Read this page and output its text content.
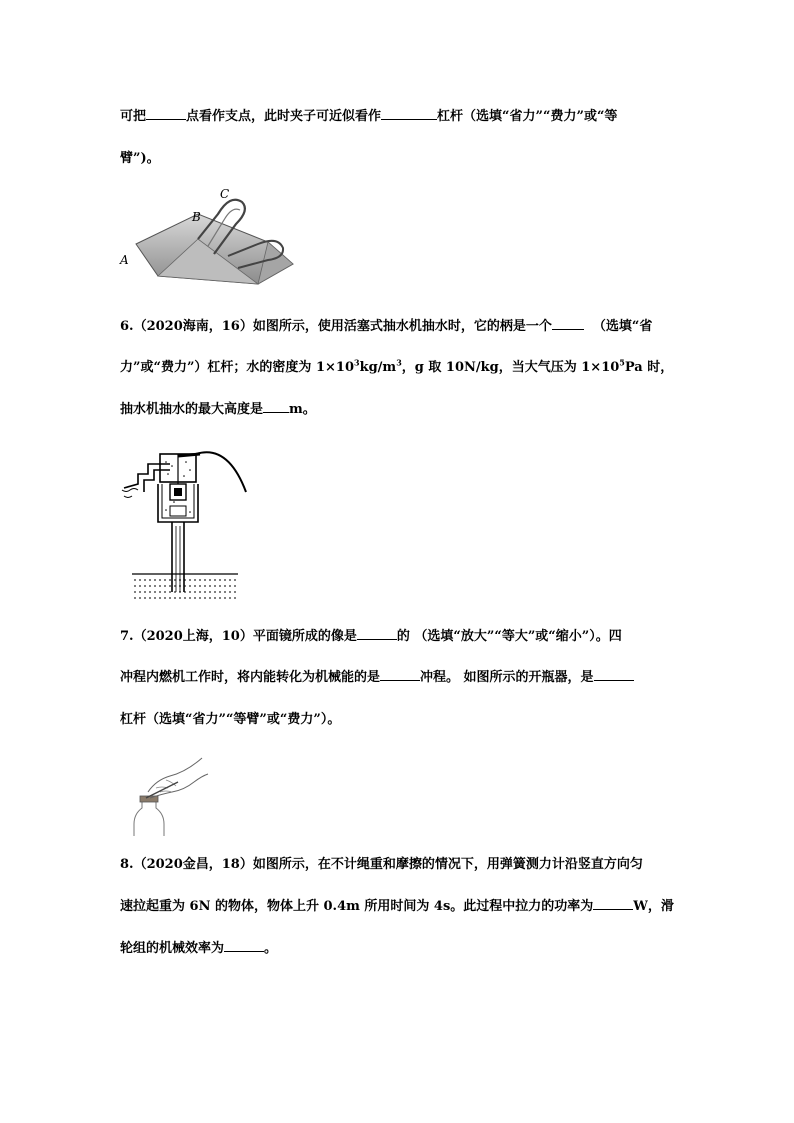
可把	点看作支点，此时夹子可近似看作	杠杆（选填“省力”“费力”或“等
臂”)。
C
B
A
6.（2020海南，16）如图所示，使用活塞式抽水机抽水时，它的柄是一个	（选填“省
力”或“费力”）杠杆；水的密度为 $1\times 10^3kg/m^3$，g 取 10N/kg，当大气压为 $1\times 10^5Pa$ 时，
抽水机抽水的最大高度是 m。
7.（2020上海，10）平面镜所成的像是	的 （选填“放大”“等大”或“缩小”）。四
冲程内燃机工作时，将内能转化为机械能的是	冲程。 如图所示的开瓶器，是
杠杆（选填“省力”“等臂”或“费力”）。
8.（2020金昌，18）如图所示，在不计绳重和摩擦的情况下，用弹簧测力计沿竖直方向匀
速拉起重为 6N 的物体，物体上升 0.4m 所用时间为 4s。此过程中拉力的功率为	W，滑
轮组的机械效率为	。
